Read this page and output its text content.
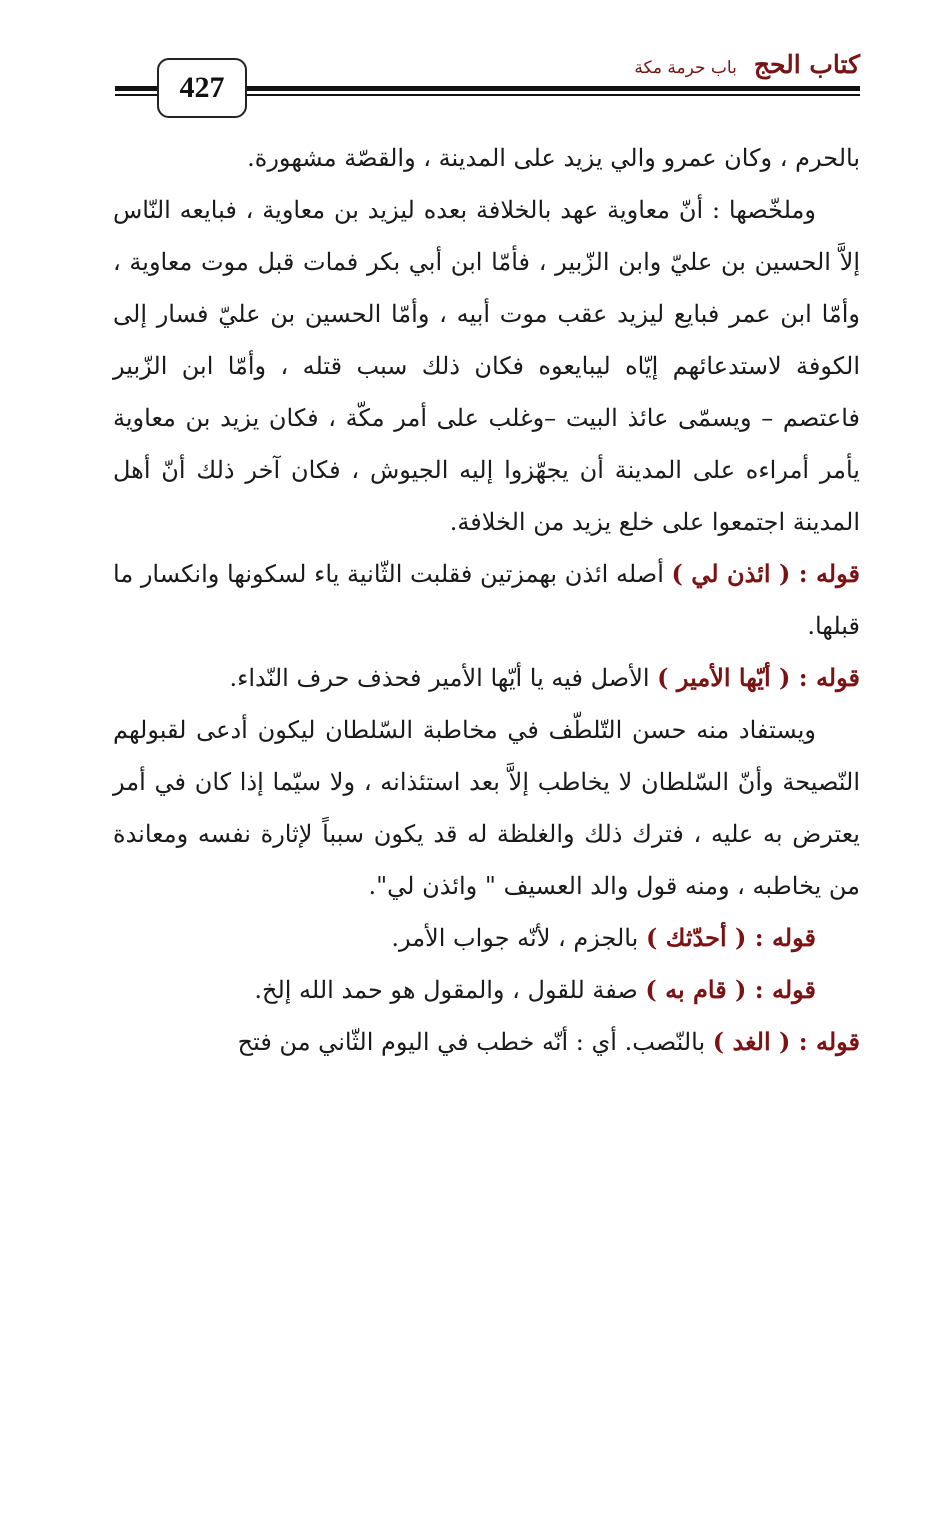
427
كتاب الحج باب حرمة مكة

بالحرم ، وكان عمرو والي يزيد على المدينة ، والقصّة مشهورة.

وملخّصها : أنّ معاوية عهد بالخلافة بعده ليزيد بن معاوية ، فبايعه النّاس إلاَّ الحسين بن عليّ وابن الزّبير ، فأمّا ابن أبي بكر فمات قبل موت معاوية ، وأمّا ابن عمر فبايع ليزيد عقب موت أبيه ، وأمّا الحسين بن عليّ فسار إلى الكوفة لاستدعائهم إيّاه ليبايعوه فكان ذلك سبب قتله ، وأمّا ابن الزّبير فاعتصم – ويسمّى عائذ البيت –وغلب على أمر مكّة ، فكان يزيد بن معاوية يأمر أمراءه على المدينة أن يجهّزوا إليه الجيوش ، فكان آخر ذلك أنّ أهل المدينة اجتمعوا على خلع يزيد من الخلافة.

قوله : ( ائذن لي ) أصله ائذن بهمزتين فقلبت الثّانية ياء لسكونها وانكسار ما قبلها.

قوله : ( أيّها الأمير ) الأصل فيه يا أيّها الأمير فحذف حرف النّداء.

ويستفاد منه حسن التّلطّف في مخاطبة السّلطان ليكون أدعى لقبولهم النّصيحة وأنّ السّلطان لا يخاطب إلاَّ بعد استئذانه ، ولا سيّما إذا كان في أمر يعترض به عليه ، فترك ذلك والغلظة له قد يكون سبباً لإثارة نفسه ومعاندة من يخاطبه ، ومنه قول والد العسيف " وائذن لي".

قوله : ( أحدّثك ) بالجزم ، لأنّه جواب الأمر.

قوله : ( قام به ) صفة للقول ، والمقول هو حمد الله إلخ.

قوله : ( الغد ) بالنّصب. أي : أنّه خطب في اليوم الثّاني من فتح
